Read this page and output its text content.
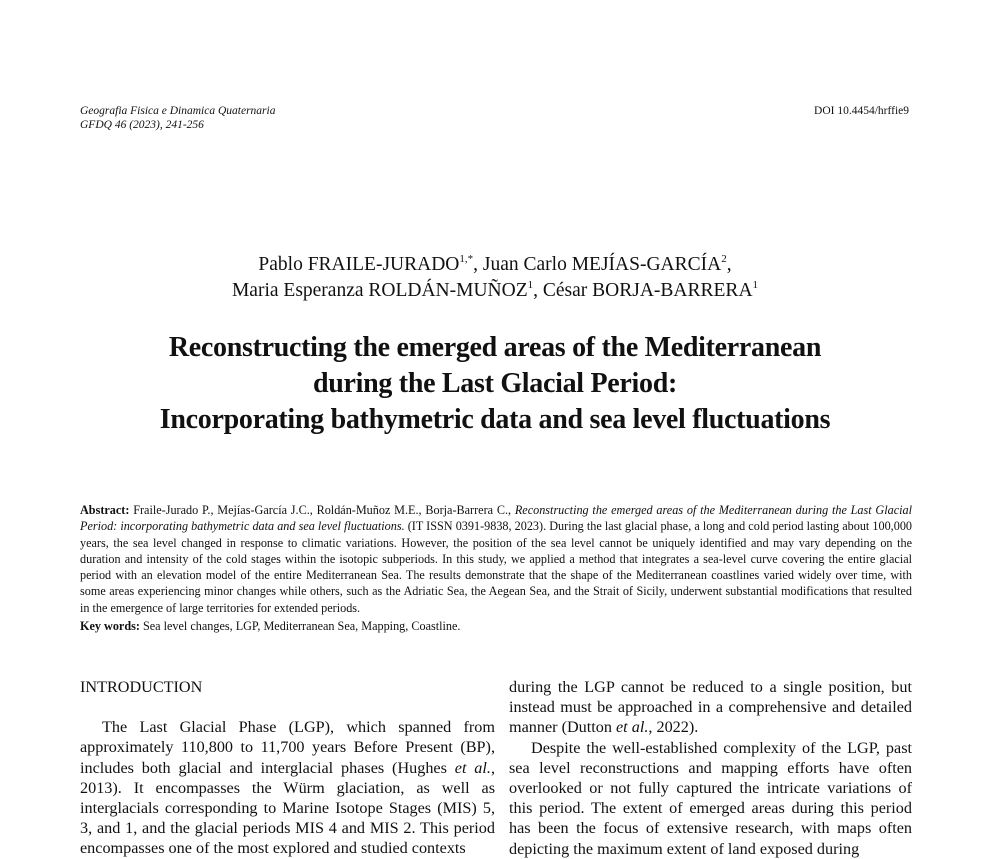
Geografia Fisica e Dinamica Quaternaria
GFDQ 46 (2023), 241-256
DOI 10.4454/hrffie9
Pablo FRAILE-$JURADO^{1,*}$, Juan Carlo MEJÍAS-GARCÍA$^2$,
Maria Esperanza ROLDÁN-MUÑOZ$^1$, César BORJA-BARRERA$^1$
Reconstructing the emerged areas of the Mediterranean
during the Last Glacial Period:
Incorporating bathymetric data and sea level fluctuations
Abstract: Fraile-Jurado P., Mejías-García J.C., Roldán-Muñoz M.E., Borja-Barrera C., Reconstructing the emerged areas of the Mediterranean during the Last Glacial Period: incorporating bathymetric data and sea level fluctuations. (IT ISSN 0391-9838, 2023). During the last glacial phase, a long and cold period lasting about 100,000 years, the sea level changed in response to climatic variations. However, the position of the sea level cannot be uniquely identified and may vary depending on the duration and intensity of the cold stages within the isotopic subperiods. In this study, we applied a method that integrates a sea-level curve covering the entire glacial period with an elevation model of the entire Mediterranean Sea. The results demonstrate that the shape of the Mediterranean coastlines varied widely over time, with some areas experiencing minor changes while others, such as the Adriatic Sea, the Aegean Sea, and the Strait of Sicily, underwent substantial modifications that resulted in the emergence of large territories for extended periods.
Key words: Sea level changes, LGP, Mediterranean Sea, Mapping, Coastline.
INTRODUCTION

The Last Glacial Phase (LGP), which spanned from approximately 110,800 to 11,700 years Before Present (BP), includes both glacial and interglacial phases (Hughes et al., 2013). It encompasses the Würm glaciation, as well as interglacials corresponding to Marine Isotope Stages (MIS) 5, 3, and 1, and the glacial periods MIS 4 and MIS 2. This period encompasses one of the most explored and studied contexts

during the LGP cannot be reduced to a single position, but instead must be approached in a comprehensive and detailed manner (Dutton et al., 2022).

Despite the well-established complexity of the LGP, past sea level reconstructions and mapping efforts have often overlooked or not fully captured the intricate variations of this period. The extent of emerged areas during this period has been the focus of extensive research, with maps often depicting the maximum extent of land exposed during
